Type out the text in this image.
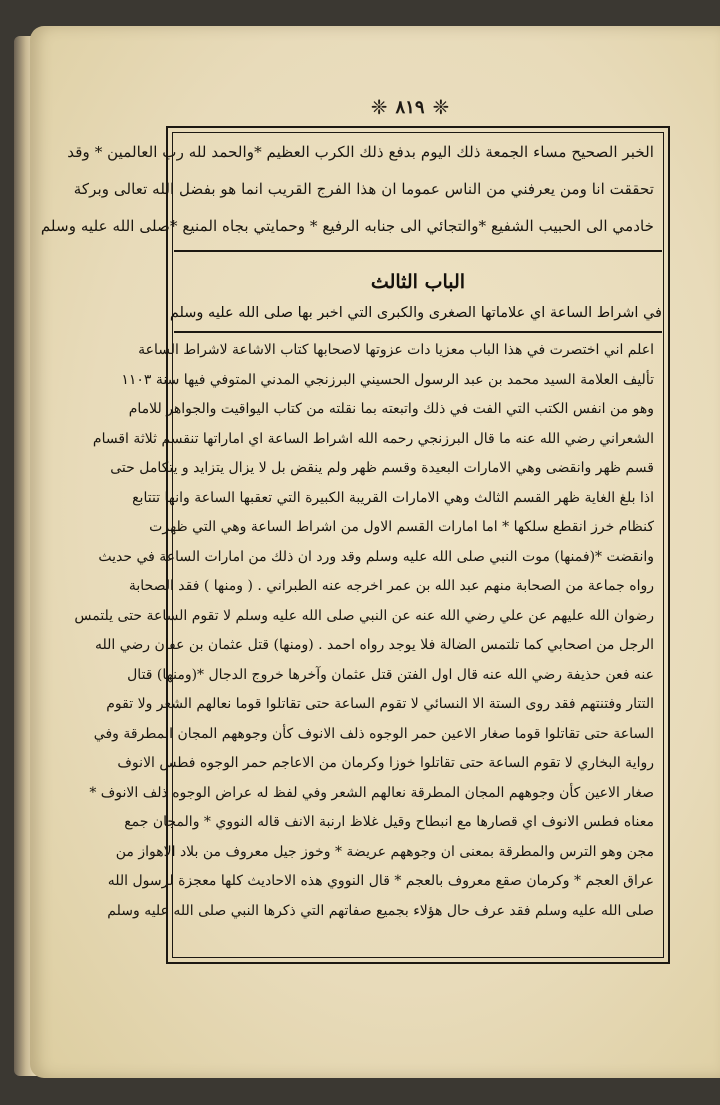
❈ ٨١٩ ❈
الخبر الصحيح مساء الجمعة ذلك اليوم بدفع ذلك الكرب العظيم *والحمد لله رب العالمين * وقد
تحققت انا ومن يعرفني من الناس عموما ان هذا الفرج القريب انما هو بفضل الله تعالى وبركة
خادمي الى الحبيب الشفيع *والتجائي الى جنابه الرفيع * وحمايتي بجاه المنيع *صلى الله عليه وسلم
الباب الثالث
في اشراط الساعة اي علاماتها الصغرى والكبرى التي اخبر بها صلى الله عليه وسلم
اعلم اني اختصرت في هذا الباب معزيا دات عزوتها لاصحابها كتاب الاشاعة لاشراط الساعة
تأليف العلامة السيد محمد بن عبد الرسول الحسيني البرزنجي المدني المتوفي فيها سنة ١١٠٣
وهو من انفس الكتب التي الفت في ذلك واتبعته بما نقلته من كتاب اليواقيت والجواهر للامام
الشعراني رضي الله عنه ما قال البرزنجي رحمه الله اشراط الساعة اي اماراتها تنقسم ثلاثة اقسام
قسم ظهر وانقضى وهي الامارات البعيدة وقسم ظهر ولم ينقض بل لا يزال يتزايد و يتكامل حتى
اذا بلغ الغاية ظهر القسم الثالث وهي الامارات القريبة الكبيرة التي تعقبها الساعة وانها تتتابع
كنظام خرز انقطع سلكها * اما امارات القسم الاول من اشراط الساعة وهي التي ظهرت
وانقضت *(فمنها) موت النبي صلى الله عليه وسلم وقد ورد ان ذلك من امارات الساعة في حديث
رواه جماعة من الصحابة منهم عبد الله بن عمر اخرجه عنه الطبراني . ( ومنها ) فقد الصحابة
رضوان الله عليهم عن علي رضي الله عنه عن النبي صلى الله عليه وسلم لا تقوم الساعة حتى يلتمس
الرجل من اصحابي كما تلتمس الضالة فلا يوجد رواه احمد . (ومنها) قتل عثمان بن عفان رضي الله
عنه فعن حذيفة رضي الله عنه قال اول الفتن قتل عثمان وآخرها خروج الدجال *(ومنها) قتال
التتار وفتنتهم فقد روى الستة الا النسائي لا تقوم الساعة حتى تقاتلوا قوما نعالهم الشعر ولا تقوم
الساعة حتى تقاتلوا قوما صغار الاعين حمر الوجوه ذلف الانوف كأن وجوههم المجان المطرقة وفي
رواية البخاري لا تقوم الساعة حتى تقاتلوا خوزا وكرمان من الاعاجم حمر الوجوه فطس الانوف
صغار الاعين كأن وجوههم المجان المطرقة نعالهم الشعر وفي لفظ له عراض الوجوه ذلف الانوف *
معناه فطس الانوف اي قصارها مع انبطاح وقيل غلاظ ارنبة الانف قاله النووي * والمجان جمع
مجن وهو الترس والمطرقة بمعنى ان وجوههم عريضة * وخوز جيل معروف من بلاد الاهواز من
عراق العجم * وكرمان صقع معروف بالعجم * قال النووي هذه الاحاديث كلها معجزة لرسول الله
صلى الله عليه وسلم فقد عرف حال هؤلاء بجميع صفاتهم التي ذكرها النبي صلى الله عليه وسلم
